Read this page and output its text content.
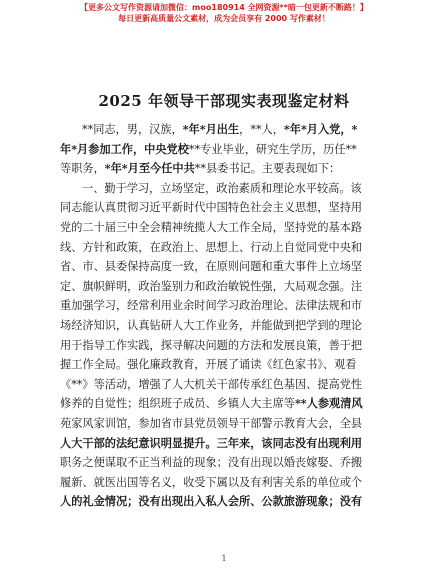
【更多公文写作资源请加微信：moo180914 全网资源**暗一包更新不断路！】
每日更新高质量公文素材，成为会员享有 2000 写作素材！
2025 年领导干部现实表现鉴定材料
**同志，男，汉族，*年*月出生，**人，*年*月入党，*
年*月参加工作，中央党校**专业毕业，研究生学历，历任**
等职务，*年*月至今任中共**县委书记。主要表现如下：
一、勤于学习，立场坚定，政治素质和理论水平较高。该
同志能认真贯彻习近平新时代中国特色社会主义思想，坚持用
党的二十届三中全会精神统揽人大工作全局，坚持党的基本路
线、方针和政策，在政治上、思想上、行动上自觉同党中央和
省、市、县委保持高度一致，在原则问题和重大事件上立场坚
定、旗帜鲜明，政治鉴别力和政治敏锐性强，大局观念强。注
重加强学习，经常利用业余时间学习政治理论、法律法规和市
场经济知识，认真钻研人大工作业务，并能做到把学到的理论
用于指导工作实践，探寻解决问题的方法和发展良策，善于把
握工作全局。强化廉政教育，开展了诵读《红色家书》、观看
《**》等活动，增强了人大机关干部传承红色基因、提高党性
修养的自觉性；组织班子成员、乡镇人大主席等**人参观清风
苑家风家训馆，参加省市县党员领导干部警示教育大会，全县
人大干部的法纪意识明显提升。三年来，该同志没有出现利用
职务之便谋取不正当利益的现象；没有出现以婚丧嫁娶、乔搬
履新、就医出国等名义，收受下属以及有利害关系的单位或个
人的礼金情况；没有出现出入私人会所、公款旅游现象；没有
1
